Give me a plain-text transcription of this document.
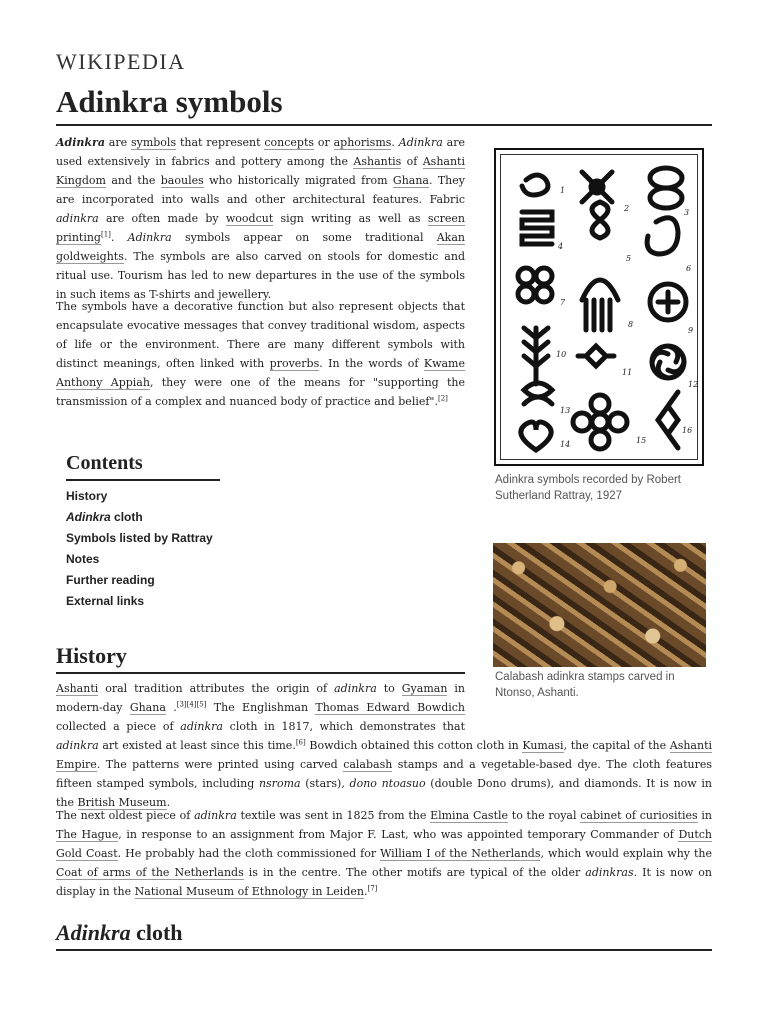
WIKIPEDIA
Adinkra symbols

Adinkra are symbols that represent concepts or aphorisms. Adinkra are used extensively in fabrics and pottery among the Ashantis of Ashanti Kingdom and the baoules who historically migrated from Ghana. They are incorporated into walls and other architectural features. Fabric adinkra are often made by woodcut sign writing as well as screen printing[1]. Adinkra symbols appear on some traditional Akan goldweights. The symbols are also carved on stools for domestic and ritual use. Tourism has led to new departures in the use of the symbols in such items as T-shirts and jewellery.

The symbols have a decorative function but also represent objects that encapsulate evocative messages that convey traditional wisdom, aspects of life or the environment. There are many different symbols with distinct meanings, often linked with proverbs. In the words of Kwame Anthony Appiah, they were one of the means for "supporting the transmission of a complex and nuanced body of practice and belief".[2]

1
2	3
4
5
6
7
8
9
10
11
12
13
14	15
16
Adinkra symbols recorded by Robert Sutherland Rattray, 1927
Calabash adinkra stamps carved in Ntonso, Ashanti.
Contents
History
Adinkra cloth
Symbols listed by Rattray
Notes
Further reading
External links
History

Ashanti oral tradition attributes the origin of adinkra to Gyaman in modern-day Ghana .[3][4][5] The Englishman Thomas Edward Bowdich collected a piece of adinkra cloth in 1817, which demonstrates that adinkra art existed at least since this time.[6] Bowdich obtained this cotton cloth in Kumasi, the capital of the Ashanti Empire. The patterns were printed using carved calabash stamps and a vegetable-based dye. The cloth features fifteen stamped symbols, including nsroma (stars), dono ntoasuo (double Dono drums), and diamonds. It is now in the British Museum.

The next oldest piece of adinkra textile was sent in 1825 from the Elmina Castle to the royal cabinet of curiosities in The Hague, in response to an assignment from Major F. Last, who was appointed temporary Commander of Dutch Gold Coast. He probably had the cloth commissioned for William I of the Netherlands, which would explain why the Coat of arms of the Netherlands is in the centre. The other motifs are typical of the older adinkras. It is now on display in the National Museum of Ethnology in Leiden.[7]

Adinkra cloth
